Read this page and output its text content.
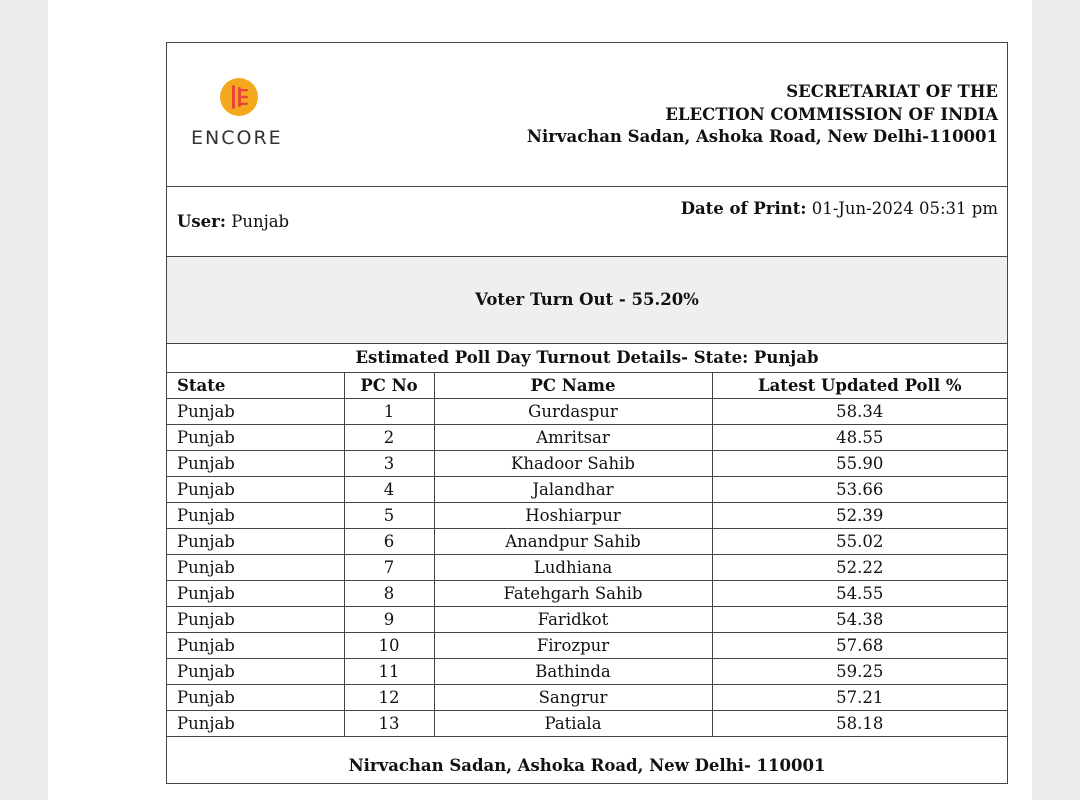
ENCORE
SECRETARIAT OF THE
ELECTION COMMISSION OF INDIA
Nirvachan Sadan, Ashoka Road, New Delhi-110001
User: Punjab
Date of Print: 01-Jun-2024 05:31 pm
Voter Turn Out - 55.20%
Estimated Poll Day Turnout Details- State: Punjab
State	PC No	PC Name	Latest Updated Poll %
Punjab	1	Gurdaspur	58.34
Punjab	2	Amritsar	48.55
Punjab	3	Khadoor Sahib	55.90
Punjab	4	Jalandhar	53.66
Punjab	5	Hoshiarpur	52.39
Punjab	6	Anandpur Sahib	55.02
Punjab	7	Ludhiana	52.22
Punjab	8	Fatehgarh Sahib	54.55
Punjab	9	Faridkot	54.38
Punjab	10	Firozpur	57.68
Punjab	11	Bathinda	59.25
Punjab	12	Sangrur	57.21
Punjab	13	Patiala	58.18
Nirvachan Sadan, Ashoka Road, New Delhi- 110001
